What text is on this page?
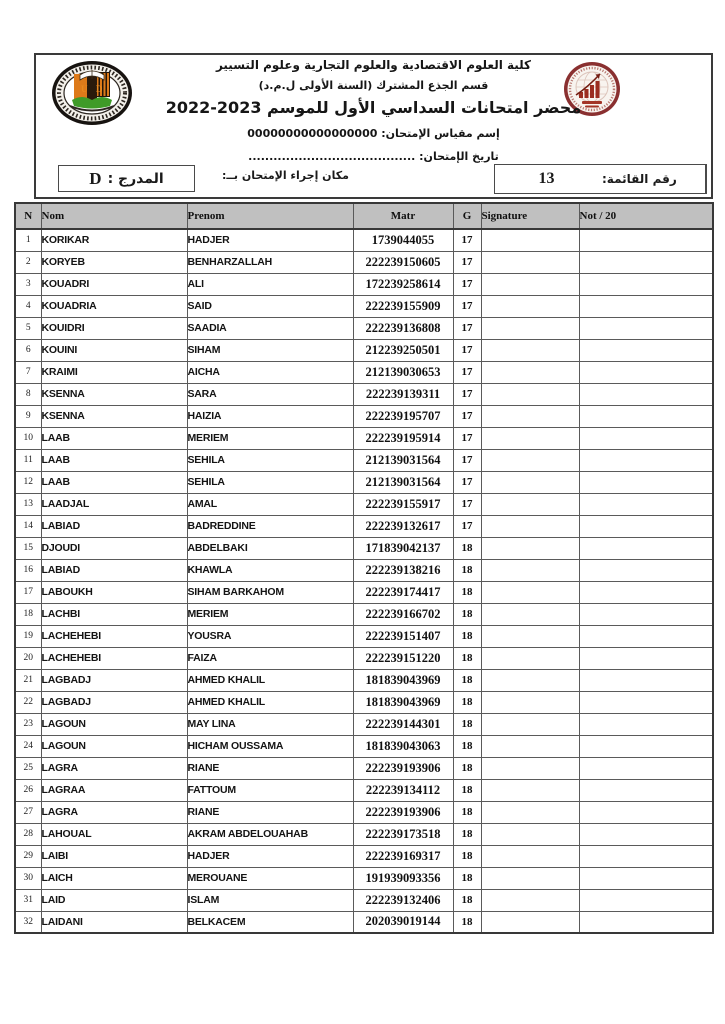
U D
كلية العلوم الاقتصادية والعلوم التجارية وعلوم التسيير
قسم الجذع المشترك (السنة الأولى ل.م.د)
محضر امتحانات السداسي الأول للموسم 2023-2022
إسم مقياس الإمتحان: 00000000000000000
تاريخ الإمتحان: ........................................
المدرج :
D	مكان إجراء الإمتحان بــ:	13	رقم القائمة:
N	Nom	Prenom	Matr	G	Signature	Not / 20
1	KORIKAR	HADJER	1739044055	17		
2	KORYEB	BENHARZALLAH	222239150605	17		
3	KOUADRI	ALI	172239258614	17		
4	KOUADRIA	SAID	222239155909	17		
5	KOUIDRI	SAADIA	222239136808	17		
6	KOUINI	SIHAM	212239250501	17		
7	KRAIMI	AICHA	212139030653	17		
8	KSENNA	SARA	222239139311	17		
9	KSENNA	HAIZIA	222239195707	17		
10	LAAB	MERIEM	222239195914	17		
11	LAAB	SEHILA	212139031564	17		
12	LAAB	SEHILA	212139031564	17		
13	LAADJAL	AMAL	222239155917	17		
14	LABIAD	BADREDDINE	222239132617	17		
15	DJOUDI	ABDELBAKI	171839042137	18		
16	LABIAD	KHAWLA	222239138216	18		
17	LABOUKH	SIHAM BARKAHOM	222239174417	18		
18	LACHBI	MERIEM	222239166702	18		
19	LACHEHEBI	YOUSRA	222239151407	18		
20	LACHEHEBI	FAIZA	222239151220	18		
21	LAGBADJ	AHMED KHALIL	181839043969	18		
22	LAGBADJ	AHMED KHALIL	181839043969	18		
23	LAGOUN	MAY LINA	222239144301	18		
24	LAGOUN	HICHAM OUSSAMA	181839043063	18		
25	LAGRA	RIANE	222239193906	18		
26	LAGRAA	FATTOUM	222239134112	18		
27	LAGRA	RIANE	222239193906	18		
28	LAHOUAL	AKRAM ABDELOUAHAB	222239173518	18		
29	LAIBI	HADJER	222239169317	18		
30	LAICH	MEROUANE	191939093356	18		
31	LAID	ISLAM	222239132406	18		
32	LAIDANI	BELKACEM	202039019144	18		
